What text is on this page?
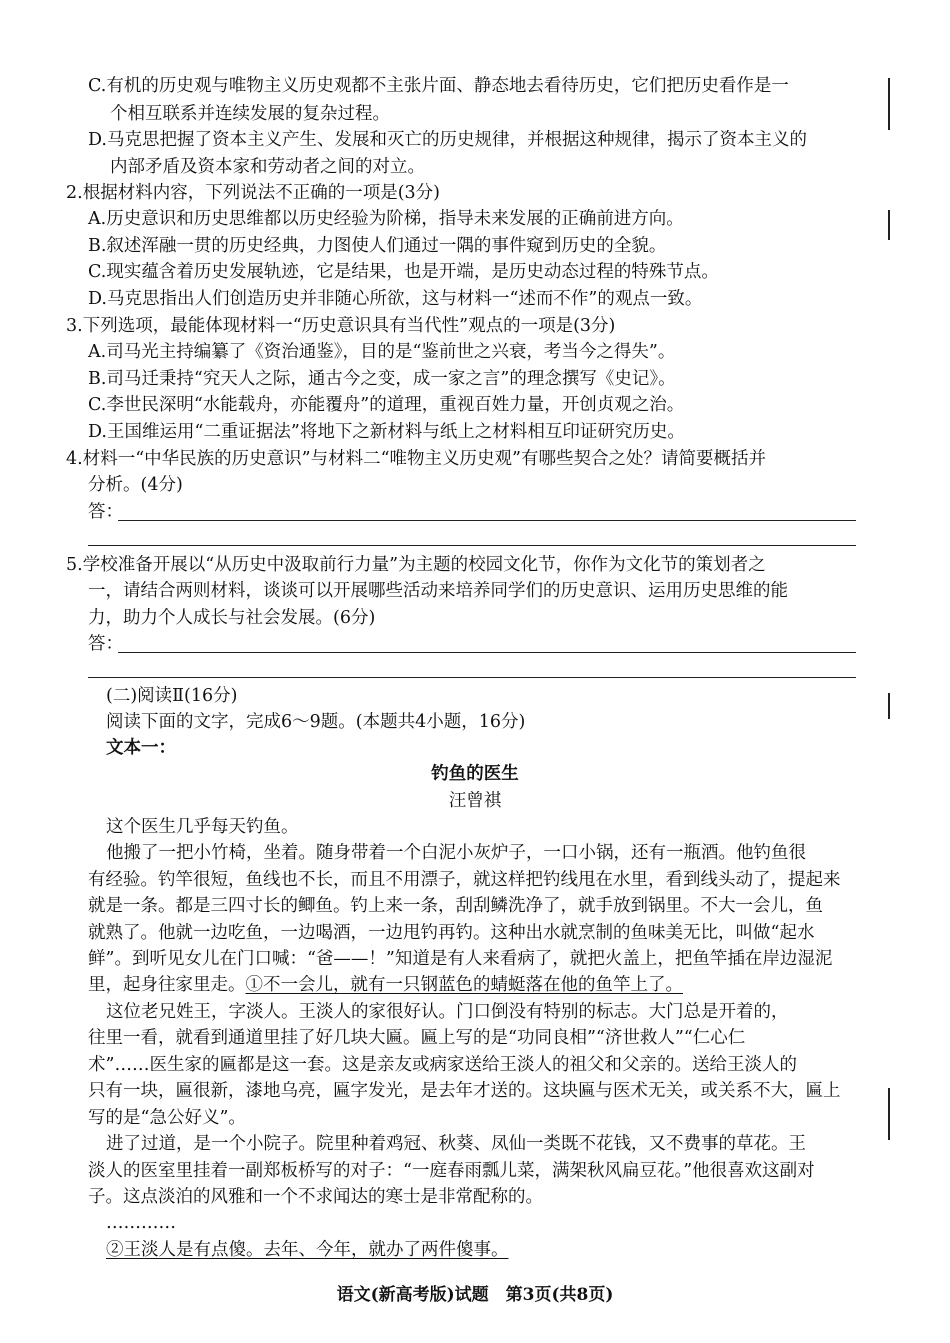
C.有机的历史观与唯物主义历史观都不主张片面、静态地去看待历史，它们把历史看作是一
个相互联系并连续发展的复杂过程。
D.马克思把握了资本主义产生、发展和灭亡的历史规律，并根据这种规律，揭示了资本主义的
内部矛盾及资本家和劳动者之间的对立。
2.根据材料内容，下列说法不正确的一项是(3分)
A.历史意识和历史思维都以历史经验为阶梯，指导未来发展的正确前进方向。
B.叙述浑融一贯的历史经典，力图使人们通过一隅的事件窥到历史的全貌。
C.现实蕴含着历史发展轨迹，它是结果，也是开端，是历史动态过程的特殊节点。
D.马克思指出人们创造历史并非随心所欲，这与材料一“述而不作”的观点一致。
3.下列选项，最能体现材料一“历史意识具有当代性”观点的一项是(3分)
A.司马光主持编纂了《资治通鉴》，目的是“鉴前世之兴衰，考当今之得失”。
B.司马迁秉持“究天人之际，通古今之变，成一家之言”的理念撰写《史记》。
C.李世民深明“水能载舟，亦能覆舟”的道理，重视百姓力量，开创贞观之治。
D.王国维运用“二重证据法”将地下之新材料与纸上之材料相互印证研究历史。
4.材料一“中华民族的历史意识”与材料二“唯物主义历史观”有哪些契合之处？请简要概括并
分析。(4分)
答：
5.学校准备开展以“从历史中汲取前行力量”为主题的校园文化节，你作为文化节的策划者之
一，请结合两则材料，谈谈可以开展哪些活动来培养同学们的历史意识、运用历史思维的能
力，助力个人成长与社会发展。(6分)
答：
(二)阅读Ⅱ(16分)
阅读下面的文字，完成6～9题。(本题共4小题，16分)
文本一：
钓鱼的医生
汪曾祺
这个医生几乎每天钓鱼。
他搬了一把小竹椅，坐着。随身带着一个白泥小灰炉子，一口小锅，还有一瓶酒。他钓鱼很
有经验。钓竿很短，鱼线也不长，而且不用漂子，就这样把钓线甩在水里，看到线头动了，提起来
就是一条。都是三四寸长的鲫鱼。钓上来一条，刮刮鳞洗净了，就手放到锅里。不大一会儿，鱼
就熟了。他就一边吃鱼，一边喝酒，一边甩钓再钓。这种出水就烹制的鱼味美无比，叫做“起水
鲜”。到听见女儿在门口喊：“爸——！”知道是有人来看病了，就把火盖上，把鱼竿插在岸边湿泥
里，起身往家里走。①不一会儿，就有一只钢蓝色的蜻蜓落在他的鱼竿上了。
这位老兄姓王，字淡人。王淡人的家很好认。门口倒没有特别的标志。大门总是开着的，
往里一看，就看到通道里挂了好几块大匾。匾上写的是“功同良相”“济世救人”“仁心仁
术”……医生家的匾都是这一套。这是亲友或病家送给王淡人的祖父和父亲的。送给王淡人的
只有一块，匾很新，漆地乌亮，匾字发光，是去年才送的。这块匾与医术无关，或关系不大，匾上
写的是“急公好义”。
进了过道，是一个小院子。院里种着鸡冠、秋葵、凤仙一类既不花钱，又不费事的草花。王
淡人的医室里挂着一副郑板桥写的对子：“一庭春雨瓢儿菜，满架秋风扁豆花。”他很喜欢这副对
子。这点淡泊的风雅和一个不求闻达的寒士是非常配称的。
…………
②王淡人是有点傻。去年、今年，就办了两件傻事。
语文(新高考版)试题　第3页(共8页)
